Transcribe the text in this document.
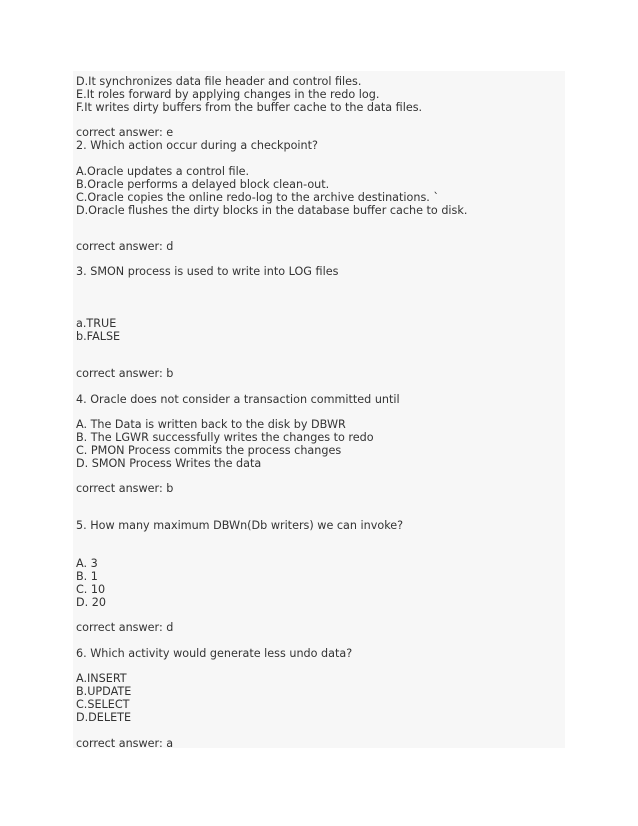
D.It synchronizes data file header and control files.
E.It roles forward by applying changes in the redo log.
F.It writes dirty buffers from the buffer cache to the data files.
correct answer: e
2. Which action occur during a checkpoint?
A.Oracle updates a control file.
B.Oracle performs a delayed block clean-out.
C.Oracle copies the online redo-log to the archive destinations. `
D.Oracle flushes the dirty blocks in the database buffer cache to disk.
correct answer: d
3. SMON process is used to write into LOG files
a.TRUE
b.FALSE
correct answer: b
4. Oracle does not consider a transaction committed until
A. The Data is written back to the disk by DBWR
B. The LGWR successfully writes the changes to redo
C. PMON Process commits the process changes
D. SMON Process Writes the data
correct answer: b
5. How many maximum DBWn(Db writers) we can invoke?
A. 3
B. 1
C. 10
D. 20
correct answer: d
6. Which activity would generate less undo data?
A.INSERT
B.UPDATE
C.SELECT
D.DELETE
correct answer: a
